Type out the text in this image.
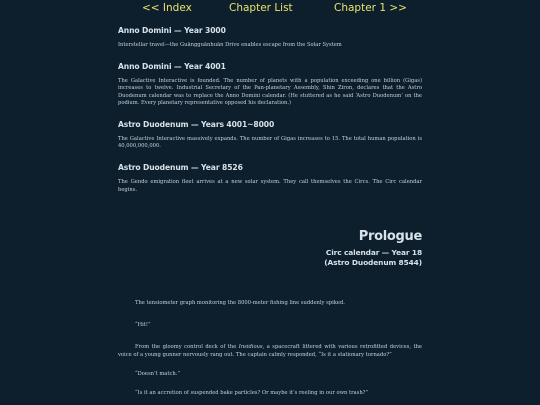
<< Index	Chapter List	Chapter 1 >>
Anno Domini — Year 3000
Interstellar travel—the Guāngguānhuān Drive enables escape from the Solar System
Anno Domini — Year 4001
The Galactive Interactive is founded. The number of planets with a population exceeding one billion (Gigas) increases to twelve. Industrial Secretary of the Pan-planetary Assembly, Shin Ziron, declares that the Astro Duodenum calendar was to replace the Anno Domini calendar. (He stuttered as he said ‘Astro Duodenum’ on the podium. Every planetary representative opposed his declaration.)
Astro Duodenum — Years 4001~8000
The Galactive Interactive massively expands. The number of Gigas increases to 15. The total human population is 40,000,000,000.
Astro Duodenum — Year 8526
The Gendo emigration fleet arrives at a new solar system. They call themselves the Circs. The Circ calendar begins.
Prologue
Circ calendar — Year 18
(Astro Duodenum 8544)

The tensiometer graph monitoring the 8000-meter fishing line suddenly spiked.

“Hit!”

From the gloomy control deck of the Insidious, a spacecraft littered with various retrofitted devices, the voice of a young gunner nervously rang out. The captain calmly responded, “Is it a stationary tornado?”

“Doesn’t match.”

“Is it an accretion of suspended bake particles? Or maybe it’s reeling in our own trash?”
